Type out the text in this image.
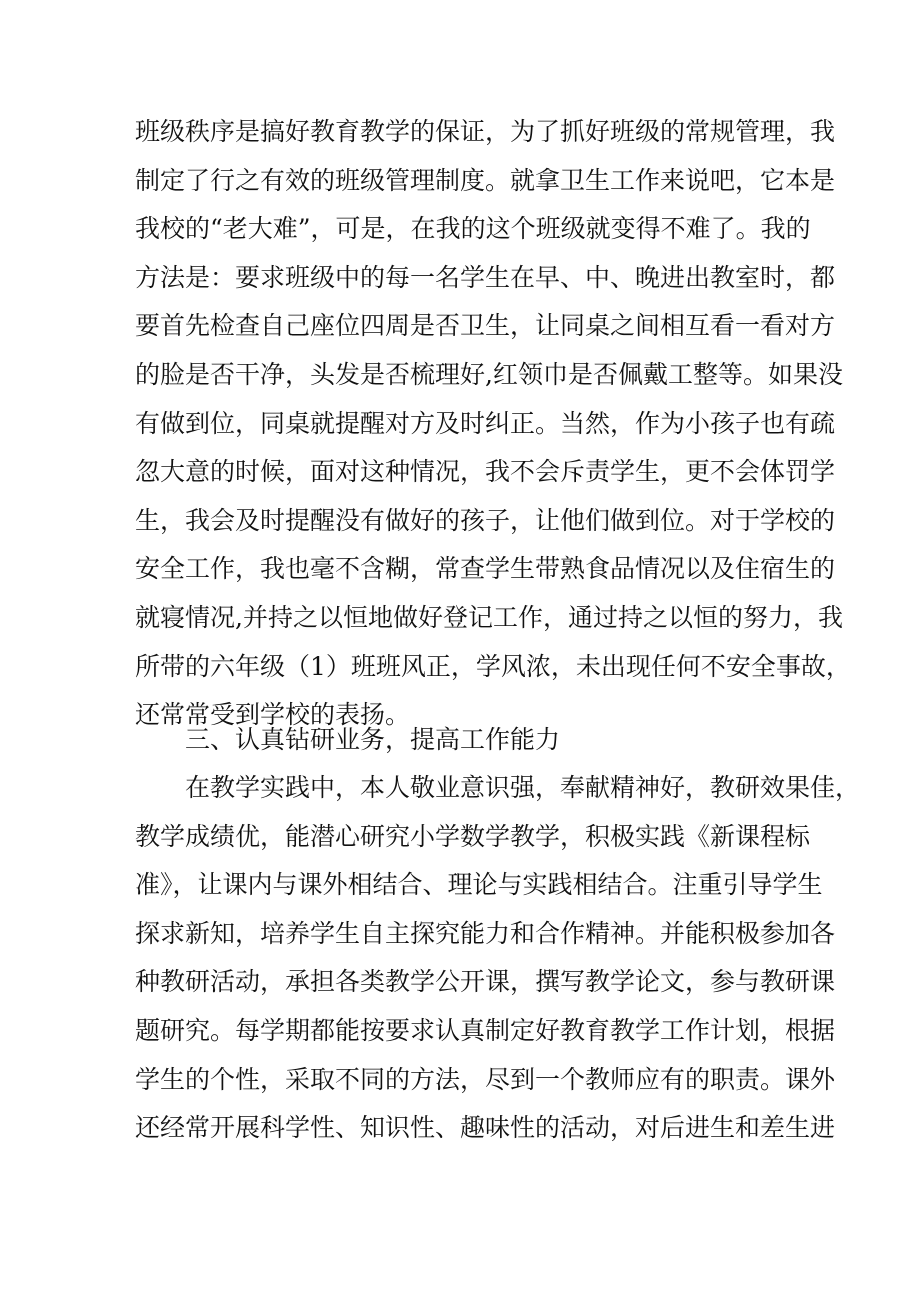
班级秩序是搞好教育教学的保证，为了抓好班级的常规管理，我
制定了行之有效的班级管理制度。就拿卫生工作来说吧，它本是
我校的“老大难”，可是，在我的这个班级就变得不难了。我的
方法是：要求班级中的每一名学生在早、中、晚进出教室时，都
要首先检查自己座位四周是否卫生，让同桌之间相互看一看对方
的脸是否干净，头发是否梳理好,红领巾是否佩戴工整等。如果没
有做到位，同桌就提醒对方及时纠正。当然，作为小孩子也有疏
忽大意的时候，面对这种情况，我不会斥责学生，更不会体罚学
生，我会及时提醒没有做好的孩子，让他们做到位。对于学校的
安全工作，我也毫不含糊，常查学生带熟食品情况以及住宿生的
就寝情况,并持之以恒地做好登记工作，通过持之以恒的努力，我
所带的六年级（1）班班风正，学风浓，未出现任何不安全事故，
还常常受到学校的表扬。
三、认真钻研业务，提高工作能力
在教学实践中，本人敬业意识强，奉献精神好，教研效果佳，
教学成绩优，能潜心研究小学数学教学，积极实践《新课程标
准》，让课内与课外相结合、理论与实践相结合。注重引导学生
探求新知，培养学生自主探究能力和合作精神。并能积极参加各
种教研活动，承担各类教学公开课，撰写教学论文，参与教研课
题研究。每学期都能按要求认真制定好教育教学工作计划，根据
学生的个性，采取不同的方法，尽到一个教师应有的职责。课外
还经常开展科学性、知识性、趣味性的活动，对后进生和差生进
